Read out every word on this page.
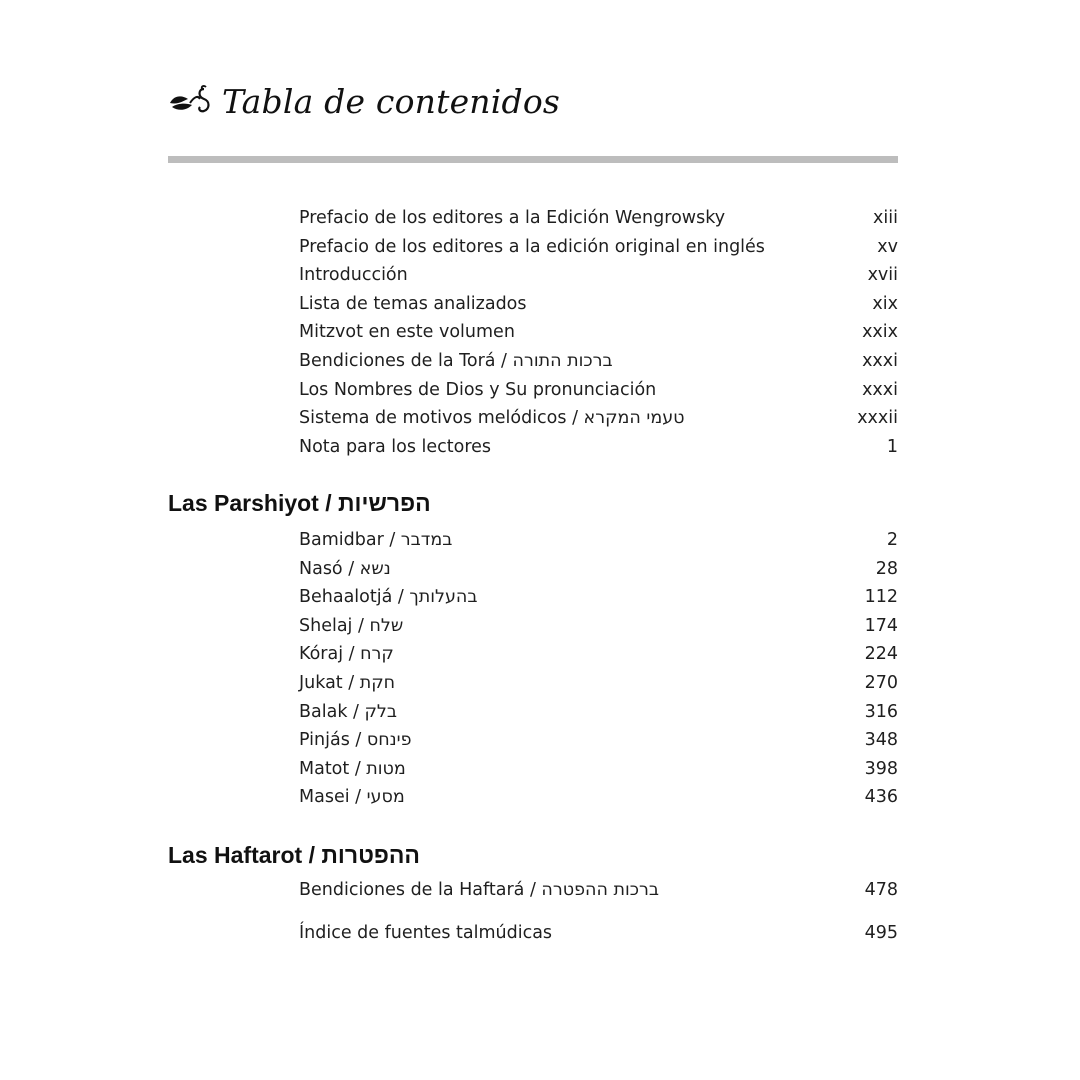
Tabla de contenidos
Prefacio de los editores a la Edición Wengrowsky	xiii
Prefacio de los editores a la edición original en inglés	xv
Introducción	xvii
Lista de temas analizados	xix
Mitzvot en este volumen	xxix
Bendiciones de la Torá / ברכות התורה	xxxi
Los Nombres de Dios y Su pronunciación	xxxi
Sistema de motivos melódicos / טעמי המקרא	xxxii
Nota para los lectores	1
Las Parshiyot / הפרשיות
Bamidbar / במדבר	2
Nasó / נשא	28
Behaalotjá / בהעלותך	112
Shelaj / שלח	174
Kóraj / קרח	224
Jukat / חקת	270
Balak / בלק	316
Pinjás / פינחס	348
Matot / מטות	398
Masei / מסעי	436
Las Haftarot / ההפטרות
Bendiciones de la Haftará / ברכות ההפטרה	478
Índice de fuentes talmúdicas	495
